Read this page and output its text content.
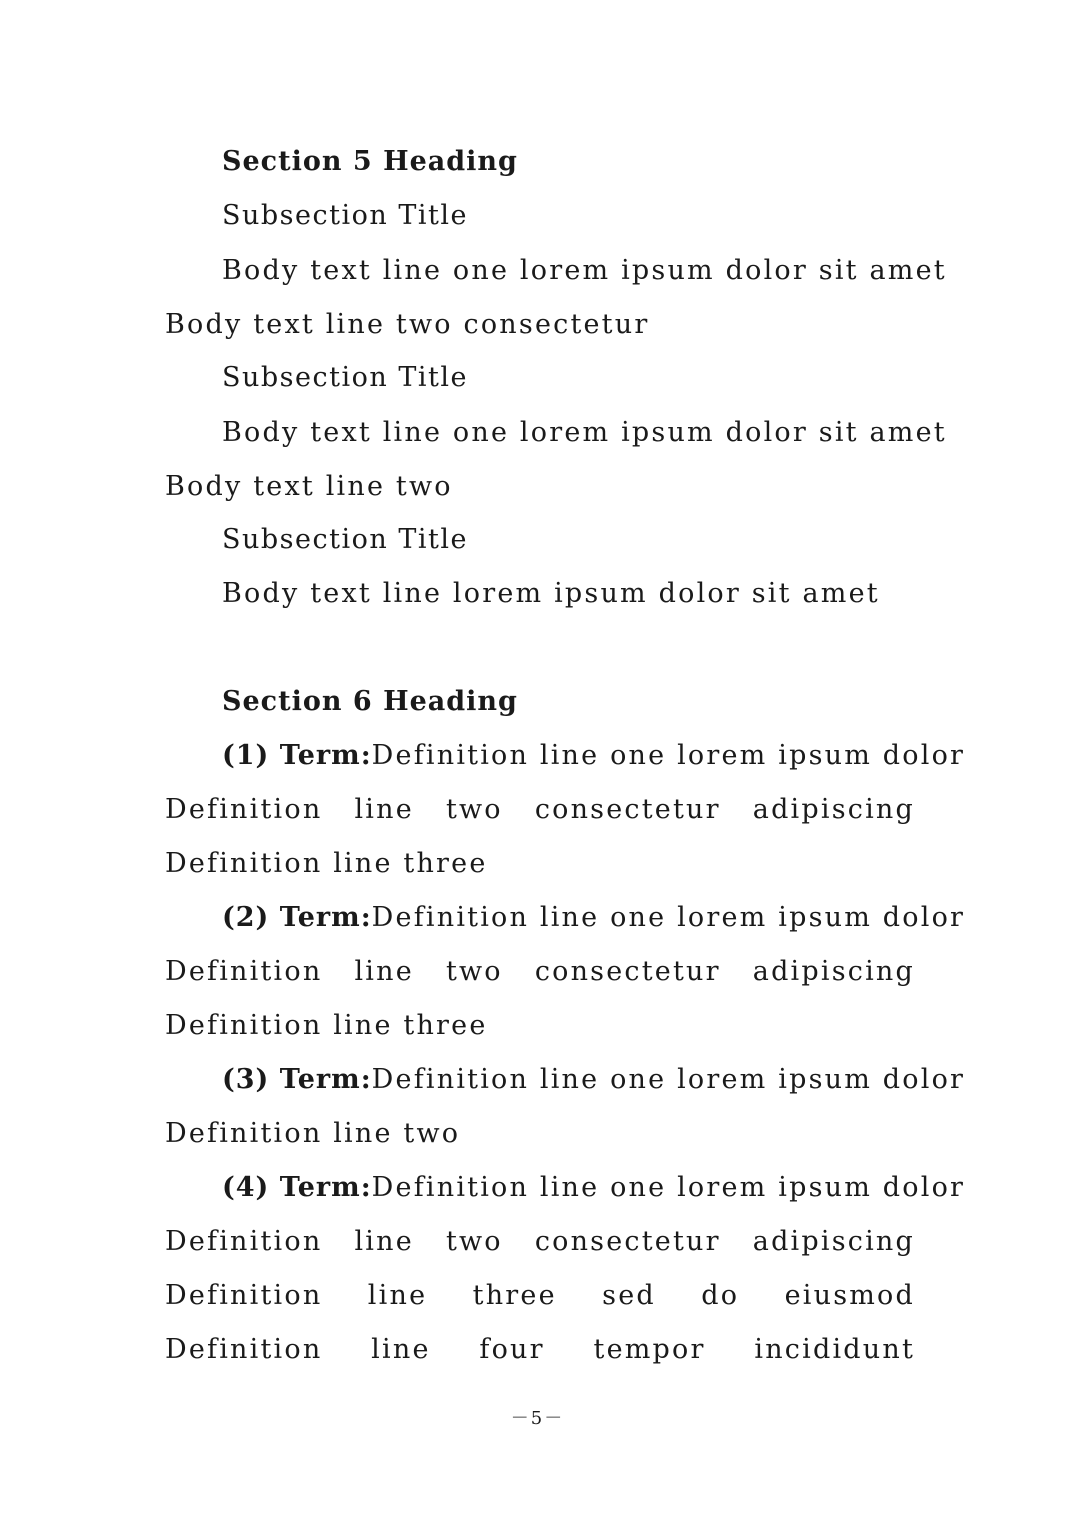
Section 5 Heading
Subsection Title
Body text line one lorem ipsum dolor sit amet
Body text line two consectetur
Subsection Title
Body text line one lorem ipsum dolor sit amet
Body text line two
Subsection Title
Body text line lorem ipsum dolor sit amet
Section 6 Heading
(1) Term:Definition line one lorem ipsum dolor
Definition line two consectetur adipiscing
Definition line three
(2) Term:Definition line one lorem ipsum dolor
Definition line two consectetur adipiscing
Definition line three
(3) Term:Definition line one lorem ipsum dolor
Definition line two
(4) Term:Definition line one lorem ipsum dolor
Definition line two consectetur adipiscing
Definition line three sed do eiusmod
Definition line four tempor incididunt
－5－
